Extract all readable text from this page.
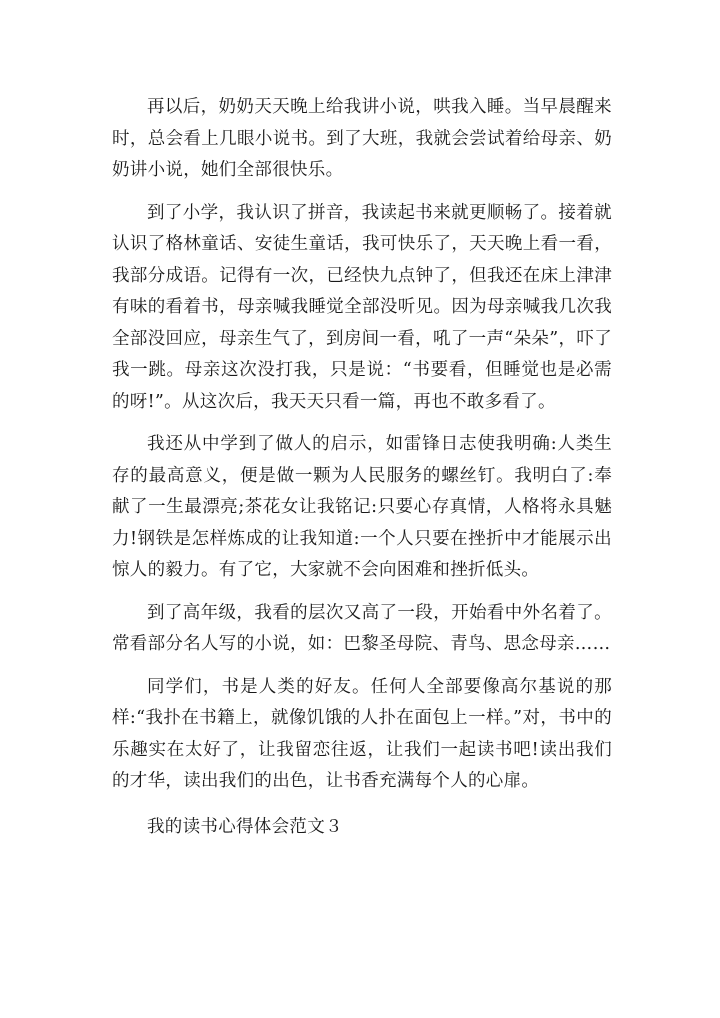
再以后，奶奶天天晚上给我讲小说，哄我入睡。当早晨醒来时，总会看上几眼小说书。到了大班，我就会尝试着给母亲、奶奶讲小说，她们全部很快乐。

到了小学，我认识了拼音，我读起书来就更顺畅了。接着就认识了格林童话、安徒生童话，我可快乐了，天天晚上看一看，我部分成语。记得有一次，已经快九点钟了，但我还在床上津津有味的看着书，母亲喊我睡觉全部没听见。因为母亲喊我几次我全部没回应，母亲生气了，到房间一看，吼了一声“朵朵”，吓了我一跳。母亲这次没打我，只是说：“书要看，但睡觉也是必需的呀!”。从这次后，我天天只看一篇，再也不敢多看了。

我还从中学到了做人的启示，如雷锋日志使我明确:人类生存的最高意义，便是做一颗为人民服务的螺丝钉。我明白了:奉献了一生最漂亮;茶花女让我铭记:只要心存真情，人格将永具魅力!钢铁是怎样炼成的让我知道:一个人只要在挫折中才能展示出惊人的毅力。有了它，大家就不会向困难和挫折低头。

到了高年级，我看的层次又高了一段，开始看中外名着了。常看部分名人写的小说，如：巴黎圣母院、青鸟、思念母亲……

同学们，书是人类的好友。任何人全部要像高尔基说的那样:“我扑在书籍上，就像饥饿的人扑在面包上一样。”对，书中的乐趣实在太好了，让我留恋往返，让我们一起读书吧!读出我们的才华，读出我们的出色，让书香充满每个人的心扉。

我的读书心得体会范文３
